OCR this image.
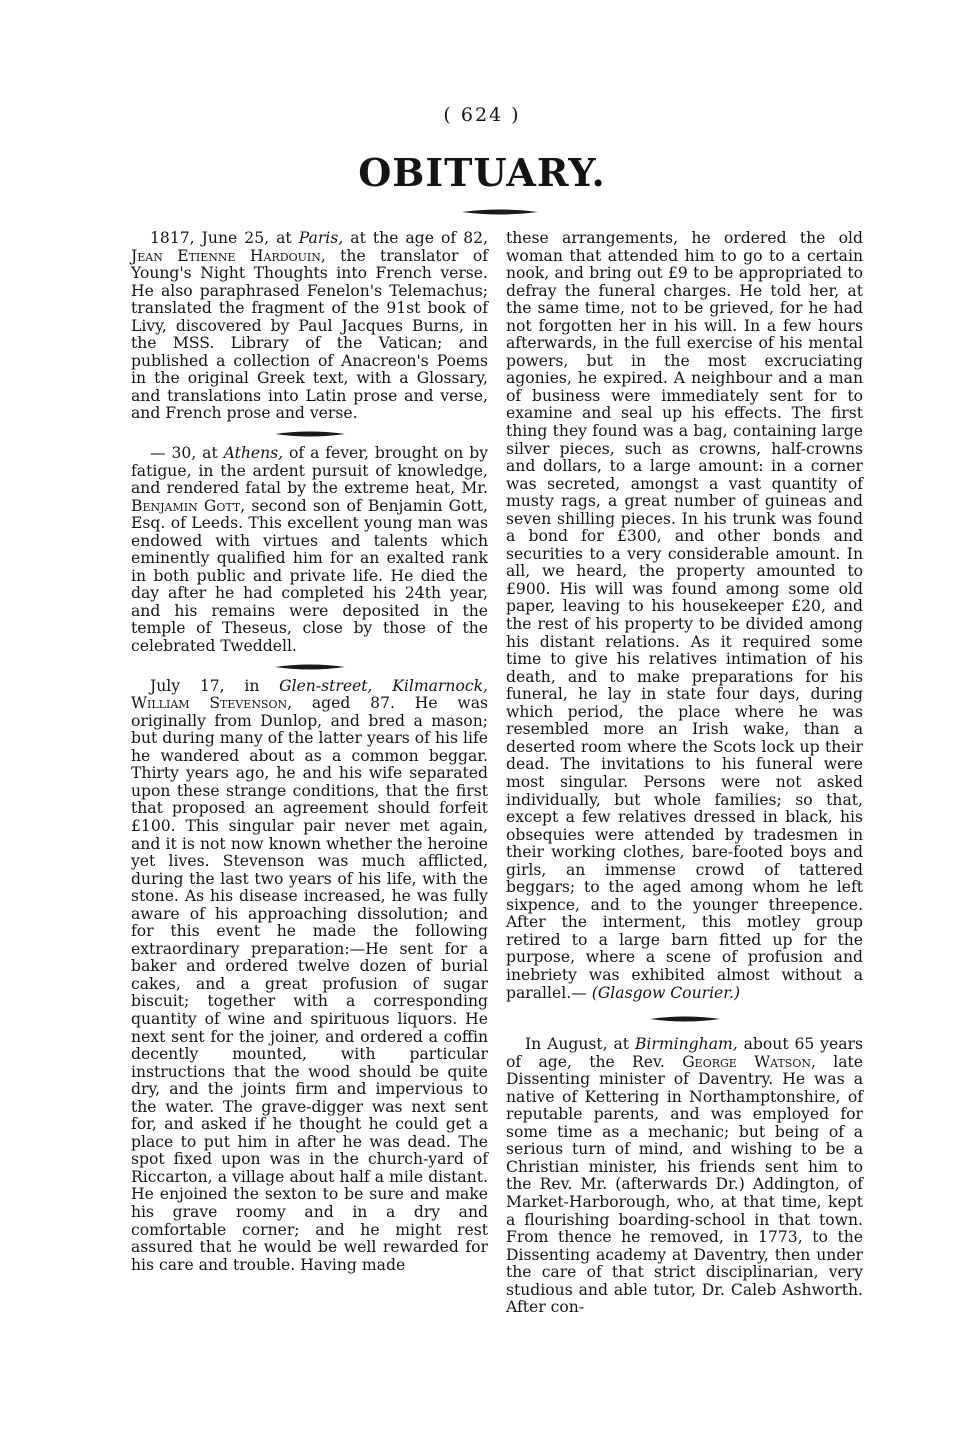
( 624 )
OBITUARY.

1817, June 25, at Paris, at the age of 82, Jean Etienne Hardouin, the translator of Young's Night Thoughts into French verse. He also paraphrased Fenelon's Telemachus; translated the fragment of the 91st book of Livy, discovered by Paul Jacques Burns, in the MSS. Library of the Vatican; and published a collection of Anacreon's Poems in the original Greek text, with a Glossary, and translations into Latin prose and verse, and French prose and verse.

— 30, at Athens, of a fever, brought on by fatigue, in the ardent pursuit of knowledge, and rendered fatal by the extreme heat, Mr. Benjamin Gott, second son of Benjamin Gott, Esq. of Leeds. This excellent young man was endowed with virtues and talents which eminently qualified him for an exalted rank in both public and private life. He died the day after he had completed his 24th year, and his remains were deposited in the temple of Theseus, close by those of the celebrated Tweddell.

July 17, in Glen-street, Kilmarnock, William Stevenson, aged 87. He was originally from Dunlop, and bred a mason; but during many of the latter years of his life he wandered about as a common beggar. Thirty years ago, he and his wife separated upon these strange conditions, that the first that proposed an agreement should forfeit £100. This singular pair never met again, and it is not now known whether the heroine yet lives. Stevenson was much afflicted, during the last two years of his life, with the stone. As his disease increased, he was fully aware of his approaching dissolution; and for this event he made the following extraordinary preparation:—He sent for a baker and ordered twelve dozen of burial cakes, and a great profusion of sugar biscuit; together with a corresponding quantity of wine and spirituous liquors. He next sent for the joiner, and ordered a coffin decently mounted, with particular instructions that the wood should be quite dry, and the joints firm and impervious to the water. The grave-digger was next sent for, and asked if he thought he could get a place to put him in after he was dead. The spot fixed upon was in the church-yard of Riccarton, a village about half a mile distant. He enjoined the sexton to be sure and make his grave roomy and in a dry and comfortable corner; and he might rest assured that he would be well rewarded for his care and trouble. Having made

these arrangements, he ordered the old woman that attended him to go to a certain nook, and bring out £9 to be appropriated to defray the funeral charges. He told her, at the same time, not to be grieved, for he had not forgotten her in his will. In a few hours afterwards, in the full exercise of his mental powers, but in the most excruciating agonies, he expired. A neighbour and a man of business were immediately sent for to examine and seal up his effects. The first thing they found was a bag, containing large silver pieces, such as crowns, half-crowns and dollars, to a large amount: in a corner was secreted, amongst a vast quantity of musty rags, a great number of guineas and seven shilling pieces. In his trunk was found a bond for £300, and other bonds and securities to a very considerable amount. In all, we heard, the property amounted to £900. His will was found among some old paper, leaving to his housekeeper £20, and the rest of his property to be divided among his distant relations. As it required some time to give his relatives intimation of his death, and to make preparations for his funeral, he lay in state four days, during which period, the place where he was resembled more an Irish wake, than a deserted room where the Scots lock up their dead. The invitations to his funeral were most singular. Persons were not asked individually, but whole families; so that, except a few relatives dressed in black, his obsequies were attended by tradesmen in their working clothes, bare-footed boys and girls, an immense crowd of tattered beggars; to the aged among whom he left sixpence, and to the younger threepence. After the interment, this motley group retired to a large barn fitted up for the purpose, where a scene of profusion and inebriety was exhibited almost without a parallel.— (Glasgow Courier.)

In August, at Birmingham, about 65 years of age, the Rev. George Watson, late Dissenting minister of Daventry. He was a native of Kettering in Northamptonshire, of reputable parents, and was employed for some time as a mechanic; but being of a serious turn of mind, and wishing to be a Christian minister, his friends sent him to the Rev. Mr. (afterwards Dr.) Addington, of Market-Harborough, who, at that time, kept a flourishing boarding-school in that town. From thence he removed, in 1773, to the Dissenting academy at Daventry, then under the care of that strict disciplinarian, very studious and able tutor, Dr. Caleb Ashworth. After con-
